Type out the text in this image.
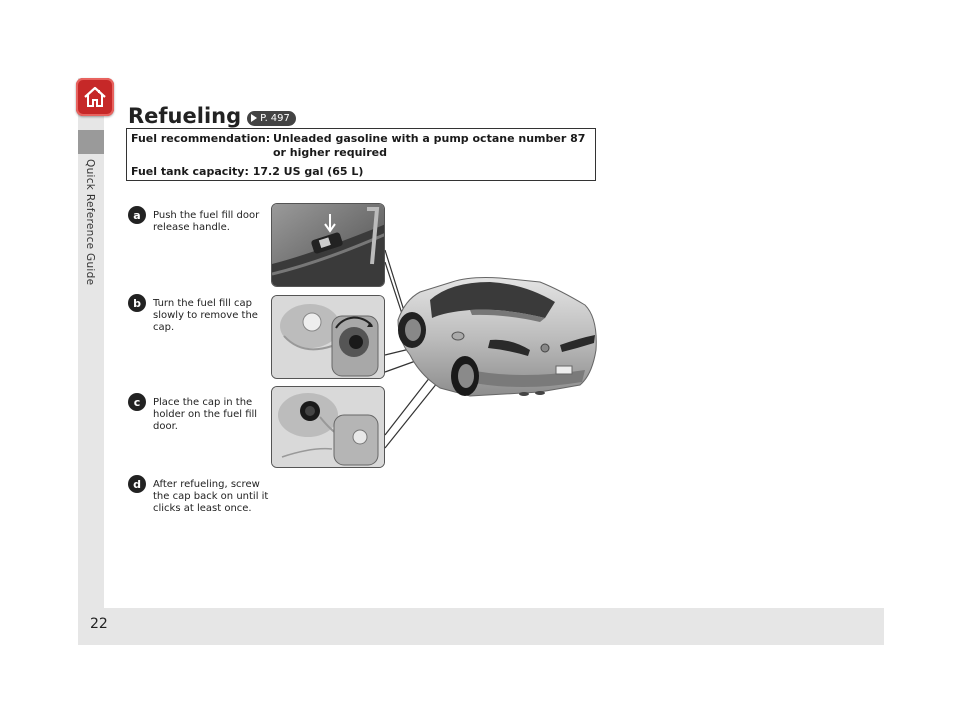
Quick Reference Guide
22
Refueling P. 497
Fuel recommendation: Unleaded gasoline with a pump octane number 87 or higher required
Fuel tank capacity: 17.2 US gal (65 L)
a	Push the fuel fill door
release handle.
b	Turn the fuel fill cap
slowly to remove the
cap.
c	Place the cap in the
holder on the fuel fill
door.
d	After refueling, screw
the cap back on until it
clicks at least once.
